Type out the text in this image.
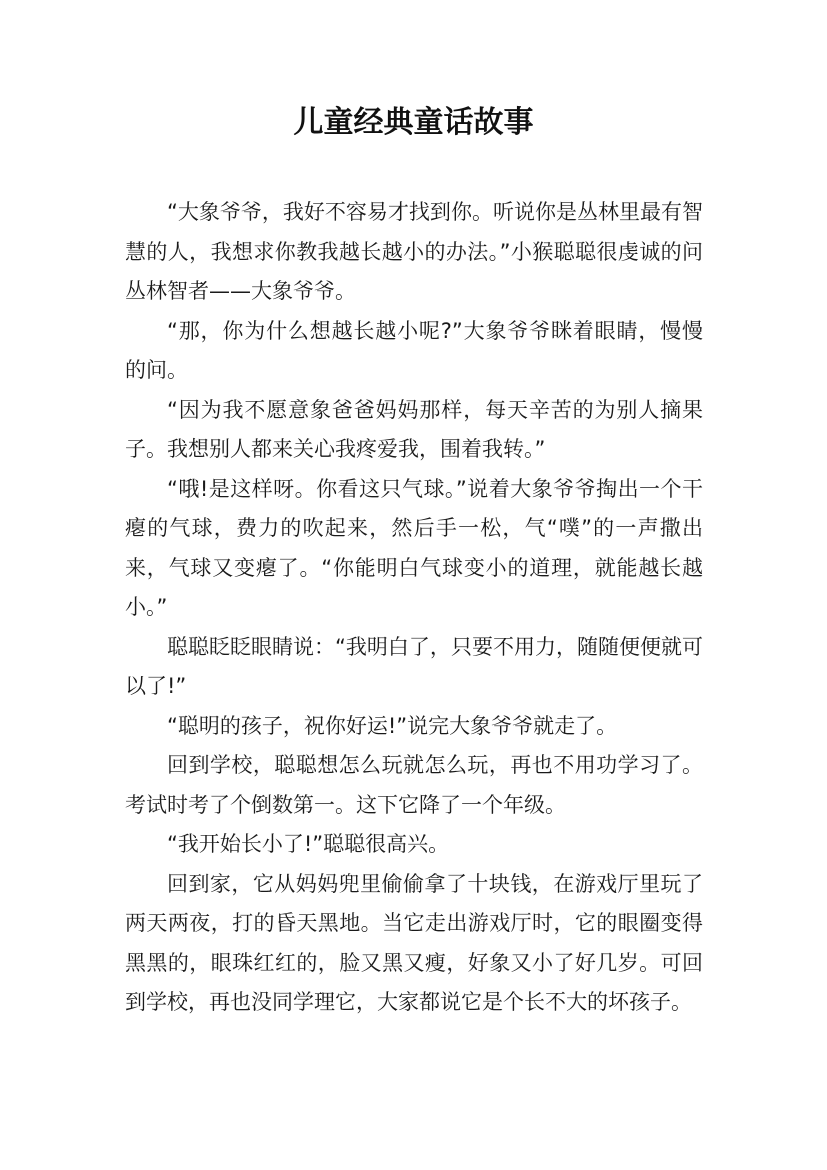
儿童经典童话故事

“大象爷爷，我好不容易才找到你。听说你是丛林里最有智慧的人，我想求你教我越长越小的办法。”小猴聪聪很虔诚的问丛林智者——大象爷爷。

“那，你为什么想越长越小呢?”大象爷爷眯着眼睛，慢慢的问。

“因为我不愿意象爸爸妈妈那样，每天辛苦的为别人摘果子。我想别人都来关心我疼爱我，围着我转。”

“哦!是这样呀。你看这只气球。”说着大象爷爷掏出一个干瘪的气球，费力的吹起来，然后手一松，气“噗”的一声撒出来，气球又变瘪了。“你能明白气球变小的道理，就能越长越小。”

聪聪眨眨眼睛说：“我明白了，只要不用力，随随便便就可以了!”

“聪明的孩子，祝你好运!”说完大象爷爷就走了。

回到学校，聪聪想怎么玩就怎么玩，再也不用功学习了。考试时考了个倒数第一。这下它降了一个年级。

“我开始长小了!”聪聪很高兴。

回到家，它从妈妈兜里偷偷拿了十块钱，在游戏厅里玩了两天两夜，打的昏天黑地。当它走出游戏厅时，它的眼圈变得黑黑的，眼珠红红的，脸又黑又瘦，好象又小了好几岁。可回到学校，再也没同学理它，大家都说它是个长不大的坏孩子。
